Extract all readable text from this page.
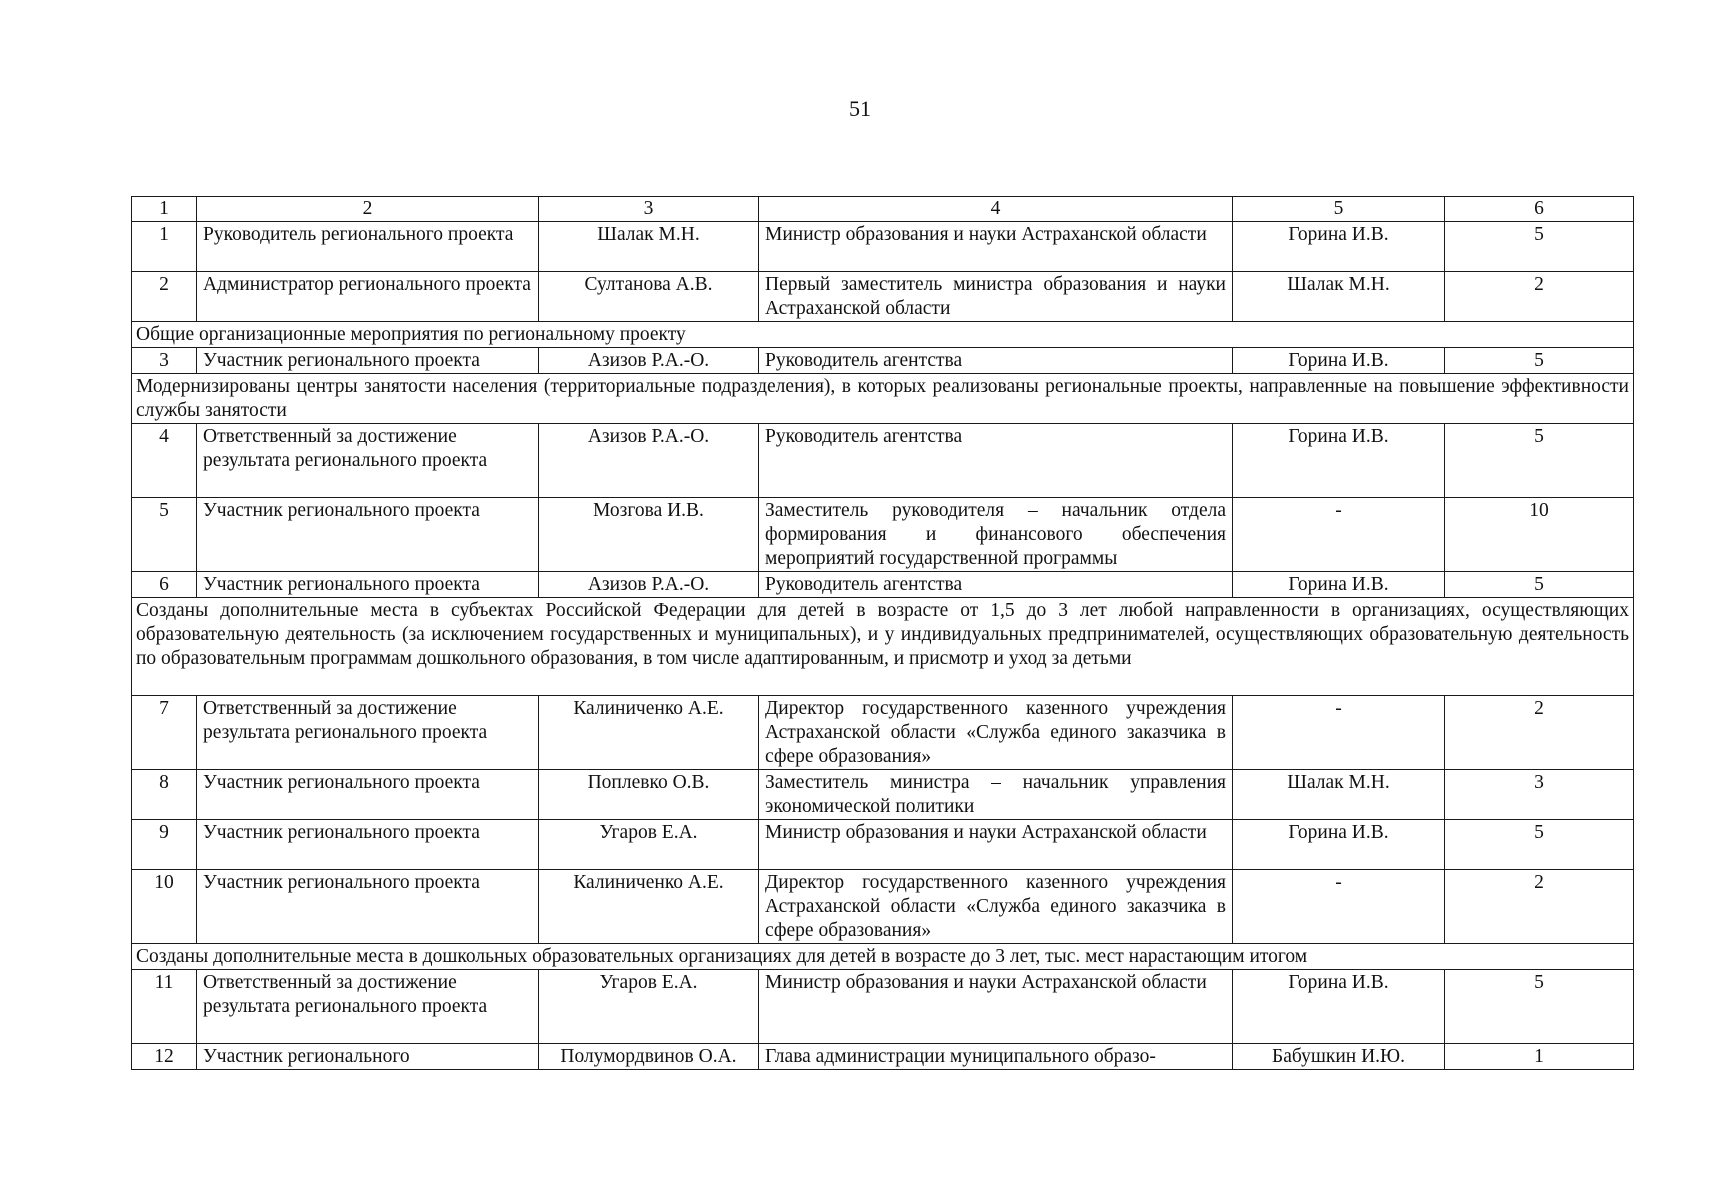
51
1	2	3	4	5	6
1	Руководитель регионального проекта	Шалак М.Н.	Министр образования и науки Астраханской области	Горина И.В.	5
2	Администратор регионального проекта	Султанова А.В.	Первый заместитель министра образования и науки Астраханской области	Шалак М.Н.	2
Общие организационные мероприятия по региональному проекту					
3	Участник регионального проекта	Азизов Р.А.-О.	Руководитель агентства	Горина И.В.	5
Модернизированы центры занятости населения (территориальные подразделения), в которых реализованы региональные проекты, направленные на повышение эффективности службы занятости					
4	Ответственный за достижение результата регионального проекта	Азизов Р.А.-О.	Руководитель агентства	Горина И.В.	5
5	Участник регионального проекта	Мозгова И.В.	Заместитель руководителя – начальник отдела формирования и финансового обеспечения мероприятий государственной программы	-	10
6	Участник регионального проекта	Азизов Р.А.-О.	Руководитель агентства	Горина И.В.	5
Созданы дополнительные места в субъектах Российской Федерации для детей в возрасте от 1,5 до 3 лет любой направленности в организациях, осуществляющих образовательную деятельность (за исключением государственных и муниципальных), и у индивидуальных предпринимателей, осуществляющих образовательную деятельность по образовательным программам дошкольного образования, в том числе адаптированным, и присмотр и уход за детьми					
7	Ответственный за достижение результата регионального проекта	Калиниченко А.Е.	Директор государственного казенного учреждения Астраханской области «Служба единого заказчика в сфере образования»	-	2
8	Участник регионального проекта	Поплевко О.В.	Заместитель министра – начальник управления экономической политики	Шалак М.Н.	3
9	Участник регионального проекта	Угаров Е.А.	Министр образования и науки Астраханской области	Горина И.В.	5
10	Участник регионального проекта	Калиниченко А.Е.	Директор государственного казенного учреждения Астраханской области «Служба единого заказчика в сфере образования»	-	2
Созданы дополнительные места в дошкольных образовательных организациях для детей в возрасте до 3 лет, тыс. мест нарастающим итогом					
11	Ответственный за достижение результата регионального проекта	Угаров Е.А.	Министр образования и науки Астраханской области	Горина И.В.	5
12	Участник регионального	Полумордвинов О.А.	Глава администрации муниципального образо-	Бабушкин И.Ю.	1
